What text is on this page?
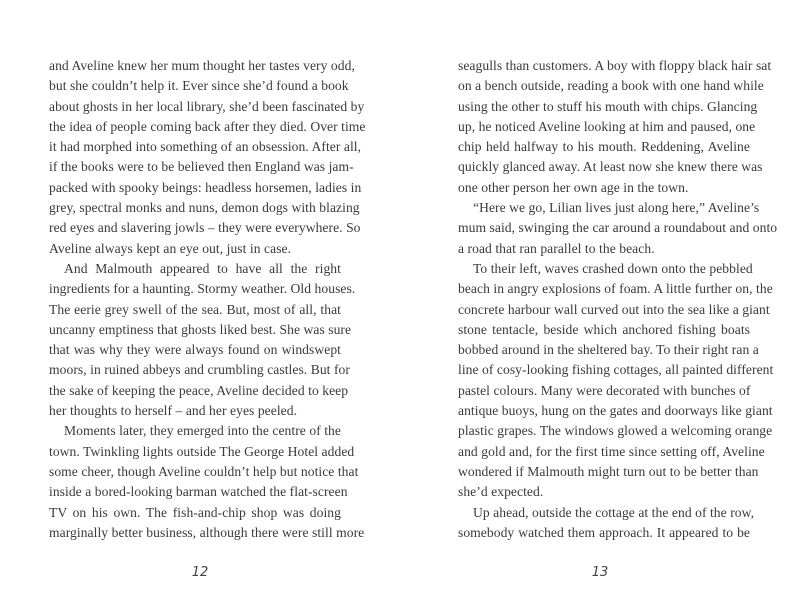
and Aveline knew her mum thought her tastes very odd,
but she couldn’t help it. Ever since she’d found a book
about ghosts in her local library, she’d been fascinated by
the idea of people coming back after they died. Over time
it had morphed into something of an obsession. After all,
if the books were to be believed then England was jam-
packed with spooky beings: headless horsemen, ladies in
grey, spectral monks and nuns, demon dogs with blazing
red eyes and slavering jowls – they were everywhere. So
Aveline always kept an eye out, just in case.
And Malmouth appeared to have all the right
ingredients for a haunting. Stormy weather. Old houses.
The eerie grey swell of the sea. But, most of all, that
uncanny emptiness that ghosts liked best. She was sure
that was why they were always found on windswept
moors, in ruined abbeys and crumbling castles. But for
the sake of keeping the peace, Aveline decided to keep
her thoughts to herself – and her eyes peeled.
Moments later, they emerged into the centre of the
town. Twinkling lights outside The George Hotel added
some cheer, though Aveline couldn’t help but notice that
inside a bored-looking barman watched the flat-screen
TV on his own. The fish-and-chip shop was doing
marginally better business, although there were still more
12
seagulls than customers. A boy with floppy black hair sat
on a bench outside, reading a book with one hand while
using the other to stuff his mouth with chips. Glancing
up, he noticed Aveline looking at him and paused, one
chip held halfway to his mouth. Reddening, Aveline
quickly glanced away. At least now she knew there was
one other person her own age in the town.
“Here we go, Lilian lives just along here,” Aveline’s
mum said, swinging the car around a roundabout and onto
a road that ran parallel to the beach.
To their left, waves crashed down onto the pebbled
beach in angry explosions of foam. A little further on, the
concrete harbour wall curved out into the sea like a giant
stone tentacle, beside which anchored fishing boats
bobbed around in the sheltered bay. To their right ran a
line of cosy-looking fishing cottages, all painted different
pastel colours. Many were decorated with bunches of
antique buoys, hung on the gates and doorways like giant
plastic grapes. The windows glowed a welcoming orange
and gold and, for the first time since setting off, Aveline
wondered if Malmouth might turn out to be better than
she’d expected.
Up ahead, outside the cottage at the end of the row,
somebody watched them approach. It appeared to be
13
